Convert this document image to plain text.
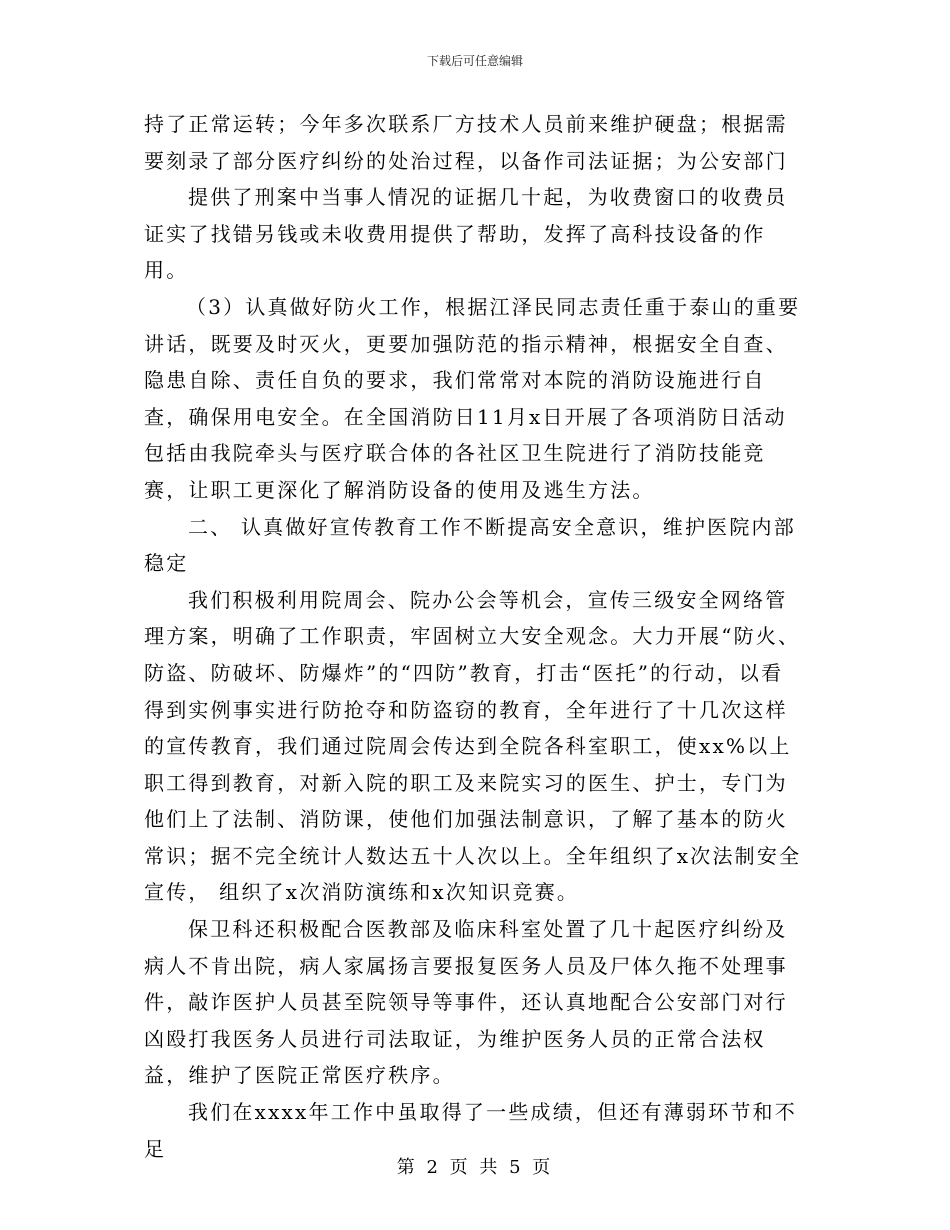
下载后可任意编辑

持了正常运转；今年多次联系厂方技术人员前来维护硬盘；根据需要刻录了部分医疗纠纷的处治过程，以备作司法证据；为公安部门

提供了刑案中当事人情况的证据几十起，为收费窗口的收费员证实了找错另钱或未收费用提供了帮助，发挥了高科技设备的作用。

（3）认真做好防火工作，根据江泽民同志责任重于泰山的重要讲话，既要及时灭火，更要加强防范的指示精神，根据安全自查、隐患自除、责任自负的要求，我们常常对本院的消防设施进行自查，确保用电安全。在全国消防日11月x日开展了各项消防日活动包括由我院牵头与医疗联合体的各社区卫生院进行了消防技能竞赛，让职工更深化了解消防设备的使用及逃生方法。

二、 认真做好宣传教育工作不断提高安全意识，维护医院内部稳定

我们积极利用院周会、院办公会等机会，宣传三级安全网络管理方案，明确了工作职责，牢固树立大安全观念。大力开展“防火、防盗、防破坏、防爆炸”的“四防”教育，打击“医托”的行动，以看得到实例事实进行防抢夺和防盗窃的教育，全年进行了十几次这样的宣传教育，我们通过院周会传达到全院各科室职工，使xx%以上职工得到教育，对新入院的职工及来院实习的医生、护士，专门为他们上了法制、消防课，使他们加强法制意识，了解了基本的防火常识；据不完全统计人数达五十人次以上。全年组织了x次法制安全宣传， 组织了x次消防演练和x次知识竞赛。

保卫科还积极配合医教部及临床科室处置了几十起医疗纠纷及病人不肯出院，病人家属扬言要报复医务人员及尸体久拖不处理事件，敲诈医护人员甚至院领导等事件，还认真地配合公安部门对行凶殴打我医务人员进行司法取证，为维护医务人员的正常合法权益，维护了医院正常医疗秩序。

我们在xxxx年工作中虽取得了一些成绩，但还有薄弱环节和不足

第 2 页 共 5 页
